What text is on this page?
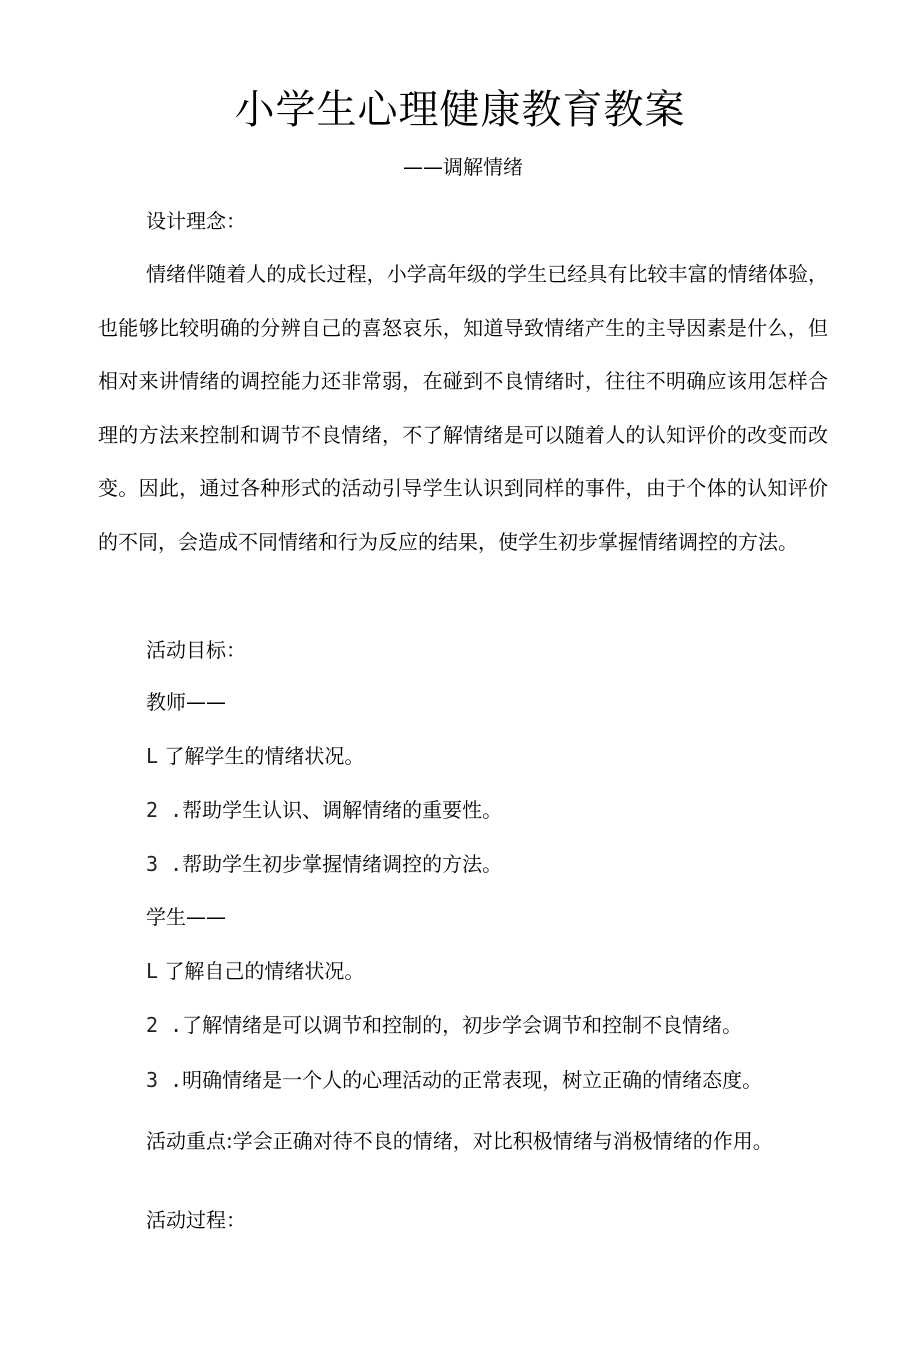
小学生心理健康教育教案

——调解情绪

设计理念：

情绪伴随着人的成长过程，小学高年级的学生已经具有比较丰富的情绪体验，也能够比较明确的分辨自己的喜怒哀乐，知道导致情绪产生的主导因素是什么，但相对来讲情绪的调控能力还非常弱，在碰到不良情绪时，往往不明确应该用怎样合理的方法来控制和调节不良情绪，不了解情绪是可以随着人的认知评价的改变而改变。因此，通过各种形式的活动引导学生认识到同样的事件，由于个体的认知评价的不同，会造成不同情绪和行为反应的结果，使学生初步掌握情绪调控的方法。

活动目标：

教师——

L 了解学生的情绪状况。

2 .帮助学生认识、调解情绪的重要性。

3 .帮助学生初步掌握情绪调控的方法。

学生——

L 了解自己的情绪状况。

2 .了解情绪是可以调节和控制的，初步学会调节和控制不良情绪。

3 .明确情绪是一个人的心理活动的正常表现，树立正确的情绪态度。

活动重点:学会正确对待不良的情绪，对比积极情绪与消极情绪的作用。

活动过程：
